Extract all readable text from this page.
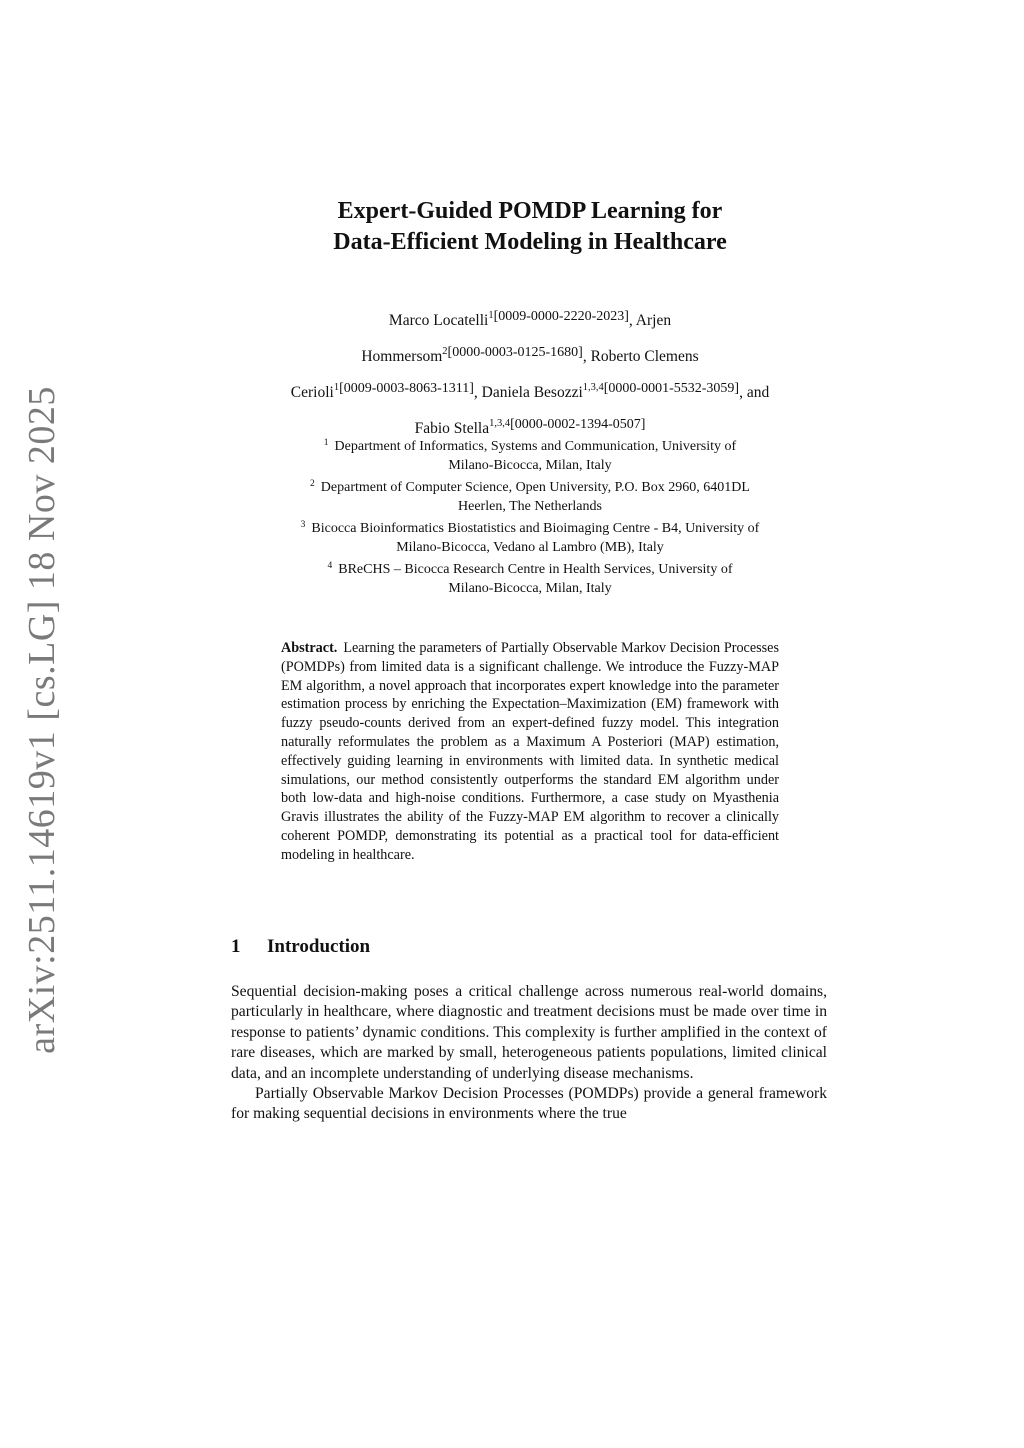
arXiv:2511.14619v1 [cs.LG] 18 Nov 2025
Expert-Guided POMDP Learning for
Data-Efficient Modeling in Healthcare
Marco Locatelli$^1$[0009-0000-2220-2023], Arjen
Hommersom$^2$[0000-0003-0125-1680], Roberto Clemens
Cerioli$^1$[0009-0003-8063-1311], Daniela Besozzi$^{1,3,4}$[0000-0001-5532-3059], and
Fabio Stella$^{1,3,4}$[0000-0002-1394-0507]
$^1$ Department of Informatics, Systems and Communication, University of
Milano-Bicocca, Milan, Italy
$^2$ Department of Computer Science, Open University, P.O. Box 2960, 6401DL
Heerlen, The Netherlands
$^3$ Bicocca Bioinformatics Biostatistics and Bioimaging Centre - B4, University of
Milano-Bicocca, Vedano al Lambro (MB), Italy
$^4$ BReCHS – Bicocca Research Centre in Health Services, University of
Milano-Bicocca, Milan, Italy
Abstract. Learning the parameters of Partially Observable Markov Decision Processes (POMDPs) from limited data is a significant challenge. We introduce the Fuzzy-MAP EM algorithm, a novel approach that incorporates expert knowledge into the parameter estimation process by enriching the Expectation–Maximization (EM) framework with fuzzy pseudo-counts derived from an expert-defined fuzzy model. This integration naturally reformulates the problem as a Maximum A Posteriori (MAP) estimation, effectively guiding learning in environments with limited data. In synthetic medical simulations, our method consistently outperforms the standard EM algorithm under both low-data and high-noise conditions. Furthermore, a case study on Myasthenia Gravis illustrates the ability of the Fuzzy-MAP EM algorithm to recover a clinically coherent POMDP, demonstrating its potential as a practical tool for data-efficient modeling in healthcare.
1 Introduction

Sequential decision-making poses a critical challenge across numerous real-world domains, particularly in healthcare, where diagnostic and treatment decisions must be made over time in response to patients’ dynamic conditions. This complexity is further amplified in the context of rare diseases, which are marked by small, heterogeneous patients populations, limited clinical data, and an incomplete understanding of underlying disease mechanisms.

Partially Observable Markov Decision Processes (POMDPs) provide a general framework for making sequential decisions in environments where the true
